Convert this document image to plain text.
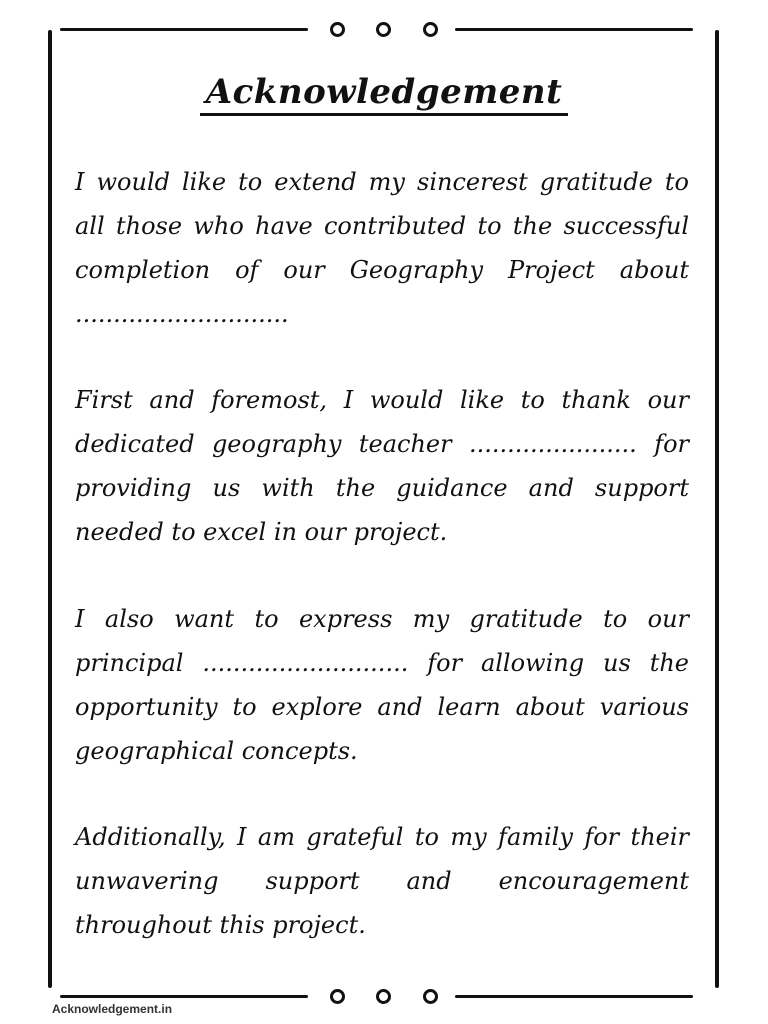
Acknowledgement

I would like to extend my sincerest gratitude to all those who have contributed to the successful completion of our Geography Project about ............................

First and foremost, I would like to thank our dedicated geography teacher ...................... for providing us with the guidance and support needed to excel in our project.

I also want to express my gratitude to our principal ........................... for allowing us the opportunity to explore and learn about various geographical concepts.

Additionally, I am grateful to my family for their unwavering support and encouragement throughout this project.

Acknowledgement.in
